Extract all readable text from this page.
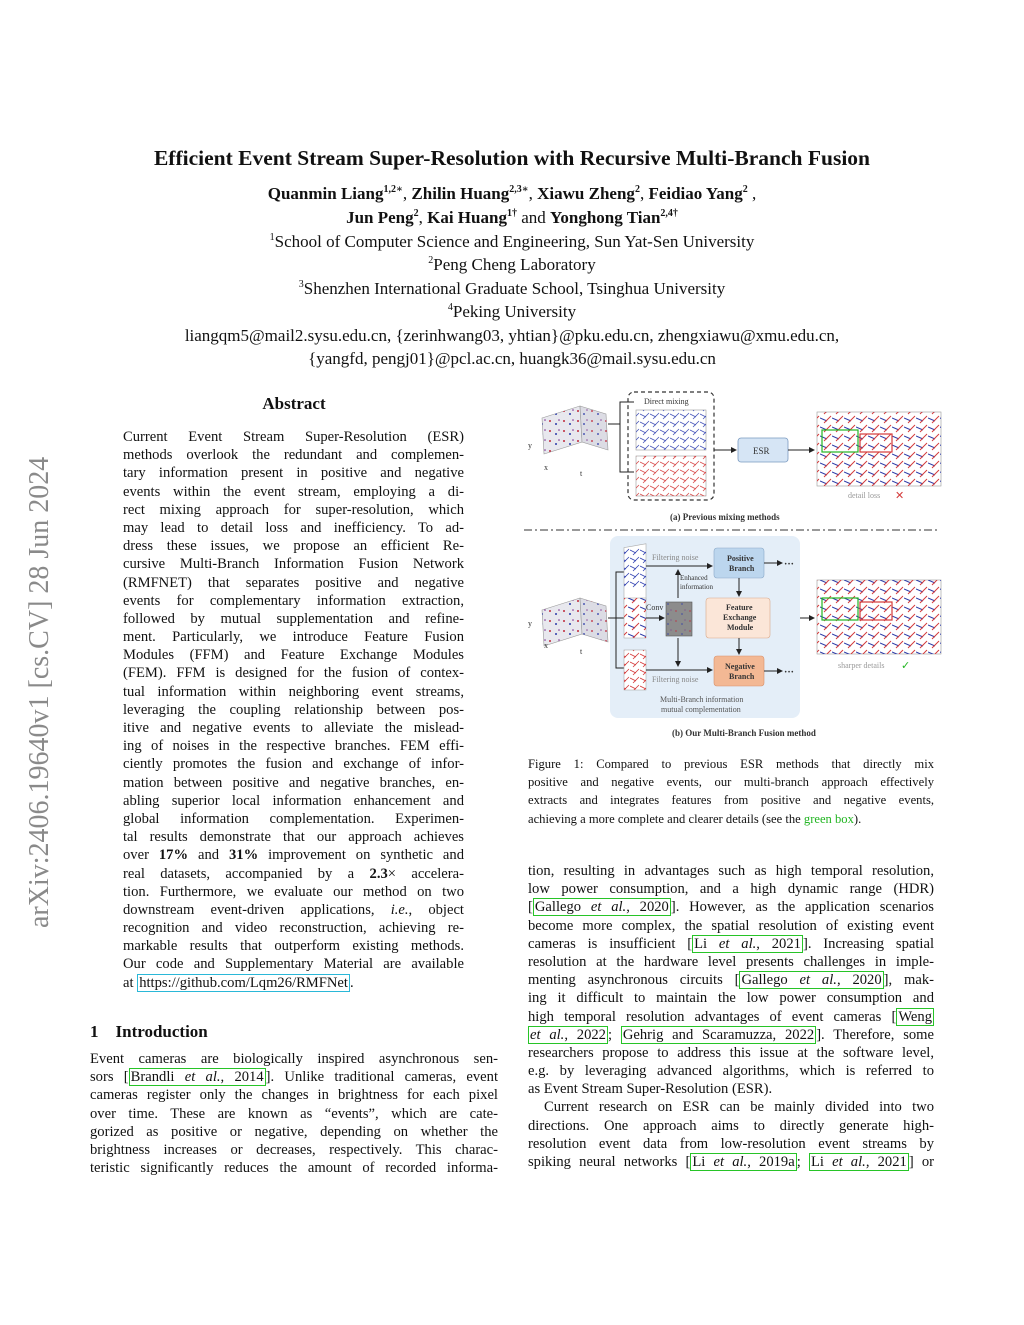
arXiv:2406.19640v1 [cs.CV] 28 Jun 2024
Efficient Event Stream Super-Resolution with Recursive Multi-Branch Fusion
Quanmin Liang$^{1,2∗}$, Zhilin Huang$^{2,3∗}$, Xiawu Zheng$^2$, Feidiao Yang$^2$ ,
Jun Peng$^2$, Kai Huang$^{1\dagger}$ and Yonghong Tian$^{2,4\dagger}$
$^1$School of Computer Science and Engineering, Sun Yat-Sen University
$^2$Peng Cheng Laboratory
$^3$Shenzhen International Graduate School, Tsinghua University
$^4$Peking University
liangqm5@mail2.sysu.edu.cn, {zerinhwang03, yhtian}@pku.edu.cn, zhengxiawu@xmu.edu.cn,
{yangfd, pengj01}@pcl.ac.cn, huangk36@mail.sysu.edu.cn
Abstract
Current Event Stream Super-Resolution (ESR)
methods overlook the redundant and complemen-
tary information present in positive and negative
events within the event stream, employing a di-
rect mixing approach for super-resolution, which
may lead to detail loss and inefficiency. To ad-
dress these issues, we propose an efficient Re-
cursive Multi-Branch Information Fusion Network
(RMFNET) that separates positive and negative
events for complementary information extraction,
followed by mutual supplementation and refine-
ment. Particularly, we introduce Feature Fusion
Modules (FFM) and Feature Exchange Modules
(FEM). FFM is designed for the fusion of contex-
tual information within neighboring event streams,
leveraging the coupling relationship between pos-
itive and negative events to alleviate the mislead-
ing of noises in the respective branches. FEM effi-
ciently promotes the fusion and exchange of infor-
mation between positive and negative branches, en-
abling superior local information enhancement and
global information complementation. Experimen-
tal results demonstrate that our approach achieves
over 17% and 31% improvement on synthetic and
real datasets, accompanied by a 2.3× accelera-
tion. Furthermore, we evaluate our method on two
downstream event-driven applications, i.e., object
recognition and video reconstruction, achieving re-
markable results that outperform existing methods.
Our code and Supplementary Material are available
at https://github.com/Lqm26/RMFNet .
1 Introduction
Event cameras are biologically inspired asynchronous sen-
sors [ Brandli et al., 2014 ]. Unlike traditional cameras, event
cameras register only the changes in brightness for each pixel
over time. These are known as “events”, which are cate-
gorized as positive or negative, depending on whether the
brightness increases or decreases, respectively. This charac-
teristic significantly reduces the amount of recorded informa-
y
x
t
Direct mixing
ESR
detail loss ✕
(a) Previous mixing methods
y
x
t
Filtering noise
Filtering noise
Conv
Enhanced
information
Positive
Branch
Feature
Exchange
Module
Negative
Branch
···
···
Multi-Branch information
mutual complementation
sharper details ✓
(b) Our Multi-Branch Fusion method
Figure 1: Compared to previous ESR methods that directly mix
positive and negative events, our multi-branch approach effectively
extracts and integrates features from positive and negative events,
achieving a more complete and clearer details (see the green box).
tion, resulting in advantages such as high temporal resolution,
low power consumption, and a high dynamic range (HDR)
[ Gallego et al., 2020 ]. However, as the application scenarios
become more complex, the spatial resolution of existing event
cameras is insufficient [ Li et al., 2021 ]. Increasing spatial
resolution at the hardware level presents challenges in imple-
menting asynchronous circuits [ Gallego et al., 2020 ], mak-
ing it difficult to maintain the low power consumption and
high temporal resolution advantages of event cameras [ Weng
et al., 2022 ; Gehrig and Scaramuzza, 2022 ]. Therefore, some
researchers propose to address this issue at the software level,
e.g. by leveraging advanced algorithms, which is referred to
as Event Stream Super-Resolution (ESR).
Current research on ESR can be mainly divided into two
directions. One approach aims to directly generate high-
resolution event data from low-resolution event streams by
spiking neural networks [ Li et al., 2019a ; Li et al., 2021 ] or
